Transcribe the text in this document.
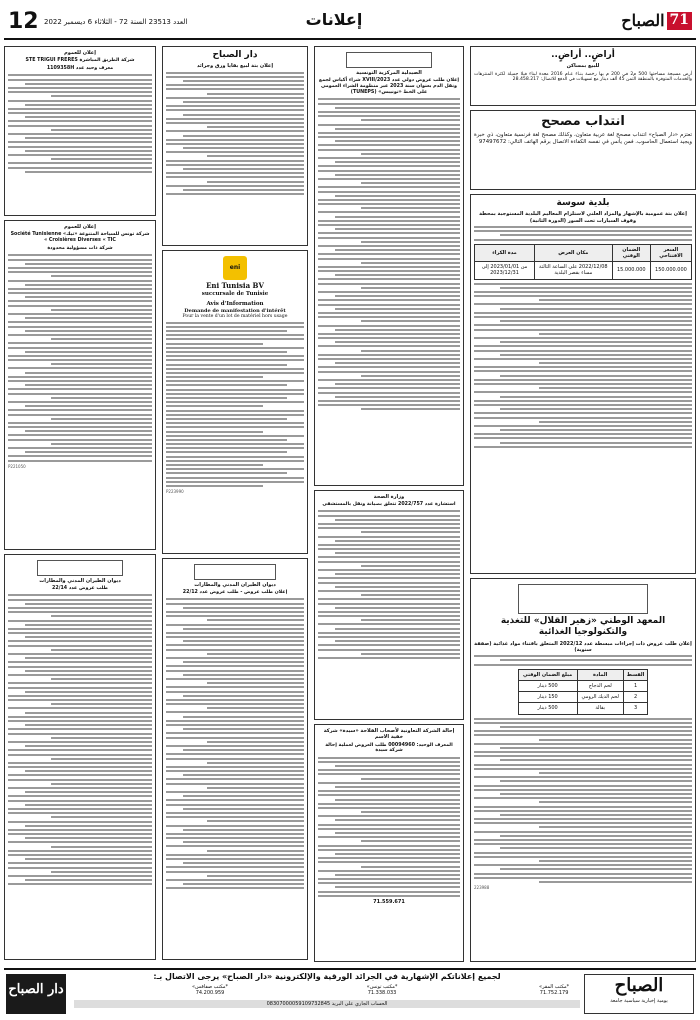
71
الصباح
إعلانات
العدد 23513 السنة 72 - الثلاثاء 6 ديسمبر 2022
12
أراضٍ.. أراضٍ..
للبيع بمساكن
أرض مسيجة مساحتها 500 م2 في 200 م بها رخصة بنـاء عـام 2016 معدة لبناء فيلا جميلة لكثرة المنتزهات والخدمات المتوفرة بالمنطقة الثمن 45 ألف دينار مع تسهيلات في الدفع للاتصال: 28.458.217
انتداب مصحح
تعتزم «دار الصباح» انتداب مصحح لغة عربية متعاون، وكذلك مصحح لغة فرنسية متعاون، ذي خبرة ويجيد استعمال الحاسوب. فمن يأنس في نفسه الكفاءة الاتصال برقم الهاتف التالي: 97497672
بلدية سوسة
إعلان بتة عمومية بالإشهار والمزاد العلني لاستلزام المعاليم البلدية المستوجبة بمحطة وقوف السيارات تحت السور (الدورة الثانية)
السعر الافتتاحي	الضمان الوقتي	مكان العرض	مدة الكراء
150.000.000	15.000.000	2022/12/08 على الساعة الثالثة مساء بقصر البلدية	من 2023/01/01 إلى 2023/12/31
المعهد الوطني «زهير القلال» للتغذية والتكنولوجيا الغذائية
إعلان طلب عروض ذات إجراءات مبسطة عدد 2022/12 المتعلق باقتناء مواد غذائية (صفقة سنوية)
القسط	المادة	مبلغ الضمان الوقتي
1	لحم الدجاج	500 دينار
2	لحم الديك الرومي	150 دينار
3	بقالة	500 دينار
223988
الصيدلية المركزية التونسية
إعلان طلب عروض دولي عدد 2023/XVIII شراء أكياس لجمع ونقل الدم بعنوان سنة 2023 عبر منظومة الشراء العمومي على الخط «تونيبس» (TUNEPS)
وزارة الصحة
استشارة عدد 2022/757 تتعلق بصيانة ونقل بالمستشفى
إحالة الشركة التعاونية لأصحاب الفلاحة «سيدة» شركة خفية الاسم
المعرف الوحيد: 00094960 طلب العروض لعملية إحالة شركة سيدة
71.559.671
دار الصباح
إعلان بتة لبيع بقايا ورق وجرائد
eni
Eni Tunisia BV
succursale de Tunisie
Avis d'Information
Demande de manifestation d'intérêt
Pour la vente d'un lot de matériel hors usage
P223990
ديوان الطيران المدني والمطارات
إعلان طلب عروض - طلب عروض عدد 22/12
إعلان للعموم
شركة الطريق المباشرة STE TRIGUI FRERES
معرف وحيد عدد 1109358H
إعلان للعموم
شركة تونس للسياحة المتنوعة «تيك» Société Tunisienne Croisières Diverses « TIC »
شركة ذات مسؤولية محدودة
P221050
ديوان الطيران المدني والمطارات
طلب عروض عدد 22/14
الصباح
يومية إخبارية سياسية جامعة
لجميع إعلاناتكم الإشهارية في الجرائد الورقية والإلكترونية «دار الصباح» يرجى الاتصال بـ:
*مكتب المقر»
71.752.179
*مكتب تونس»
71.338.033
*مكتب صفاقس»
74.200.959
الحساب الجاري على البريد 08307000059109732845
دار الصباح
